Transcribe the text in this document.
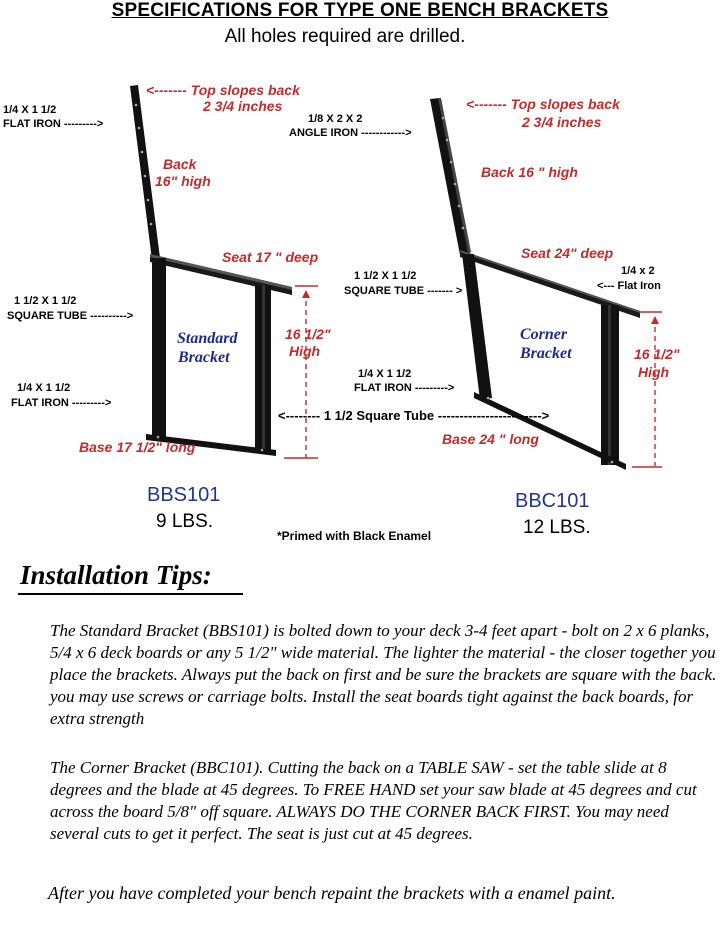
SPECIFICATIONS FOR TYPE ONE BENCH BRACKETS
All holes required are drilled.
<------- Top slopes back
2 3/4 inches
1/4 X 1 1/2
FLAT IRON --------->
Back
16" high
Seat 17 " deep
1 1/2 X 1 1/2
SQUARE TUBE ---------->
Standard
Bracket
16 1/2"
High
1/4 X 1 1/2
FLAT IRON --------->
Base 17 1/2" long
1/8 X 2 X 2
ANGLE IRON ------------>
<------- Top slopes back
2 3/4 inches
Back 16 " high
Seat 24" deep
1/4 x 2
<--- Flat Iron
1 1/2 X 1 1/2
SQUARE TUBE ------- >
Corner
Bracket
1/4 X 1 1/2
FLAT IRON --------->
16 1/2"
High
Base 24 " long
<-------- 1 1/2 Square Tube ------------------------>
BBS101
9 LBS.
BBC101
12 LBS.
*Primed with Black Enamel
Installation Tips:
The Standard Bracket (BBS101) is bolted down to your deck 3-4 feet apart - bolt on 2 x 6 planks, 5/4 x 6 deck boards or any 5 1/2" wide material. The lighter the material - the closer together you place the brackets. Always put the back on first and be sure the brackets are square with the back. you may use screws or carriage bolts. Install the seat boards tight against the back boards, for extra strength
The Corner Bracket (BBC101). Cutting the back on a TABLE SAW - set the table slide at 8 degrees and the blade at 45 degrees. To FREE HAND set your saw blade at 45 degrees and cut across the board 5/8" off square. ALWAYS DO THE CORNER BACK FIRST. You may need several cuts to get it perfect. The seat is just cut at 45 degrees.
After you have completed your bench repaint the brackets with a enamel paint.
